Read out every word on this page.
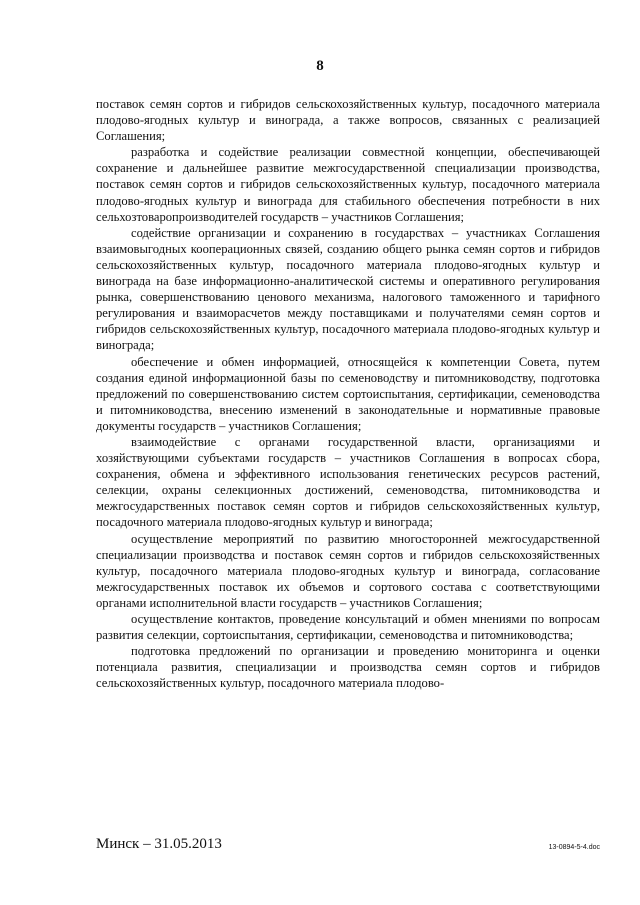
8

поставок семян сортов и гибридов сельскохозяйственных культур, посадочного материала плодово-ягодных культур и винограда, а также вопросов, связанных с реализацией Соглашения;

разработка и содействие реализации совместной концепции, обеспечивающей сохранение и дальнейшее развитие межгосударственной специализации производства, поставок семян сортов и гибридов сельскохозяйственных культур, посадочного материала плодово-ягодных культур и винограда для стабильного обеспечения потребности в них сельхозтоваропроизводителей государств – участников Соглашения;

содействие организации и сохранению в государствах – участниках Соглашения взаимовыгодных кооперационных связей, созданию общего рынка семян сортов и гибридов сельскохозяйственных культур, посадочного материала плодово-ягодных культур и винограда на базе информационно-аналитической системы и оперативного регулирования рынка, совершенствованию ценового механизма, налогового таможенного и тарифного регулирования и взаиморасчетов между поставщиками и получателями семян сортов и гибридов сельскохозяйственных культур, посадочного материала плодово-ягодных культур и винограда;

обеспечение и обмен информацией, относящейся к компетенции Совета, путем создания единой информационной базы по семеноводству и питомниководству, подготовка предложений по совершенствованию систем сортоиспытания, сертификации, семеноводства и питомниководства, внесению изменений в законодательные и нормативные правовые документы государств – участников Соглашения;

взаимодействие с органами государственной власти, организациями и хозяйствующими субъектами государств – участников Соглашения в вопросах сбора, сохранения, обмена и эффективного использования генетических ресурсов растений, селекции, охраны селекционных достижений, семеноводства, питомниководства и межгосударственных поставок семян сортов и гибридов сельскохозяйственных культур, посадочного материала плодово-ягодных культур и винограда;

осуществление мероприятий по развитию многосторонней межгосударственной специализации производства и поставок семян сортов и гибридов сельскохозяйственных культур, посадочного материала плодово-ягодных культур и винограда, согласование межгосударственных поставок их объемов и сортового состава с соответствующими органами исполнительной власти государств – участников Соглашения;

осуществление контактов, проведение консультаций и обмен мнениями по вопросам развития селекции, сортоиспытания, сертификации, семеноводства и питомниководства;

подготовка предложений по организации и проведению мониторинга и оценки потенциала развития, специализации и производства семян сортов и гибридов сельскохозяйственных культур, посадочного материала плодово-

Минск – 31.05.2013	13-0894-5-4.doc
